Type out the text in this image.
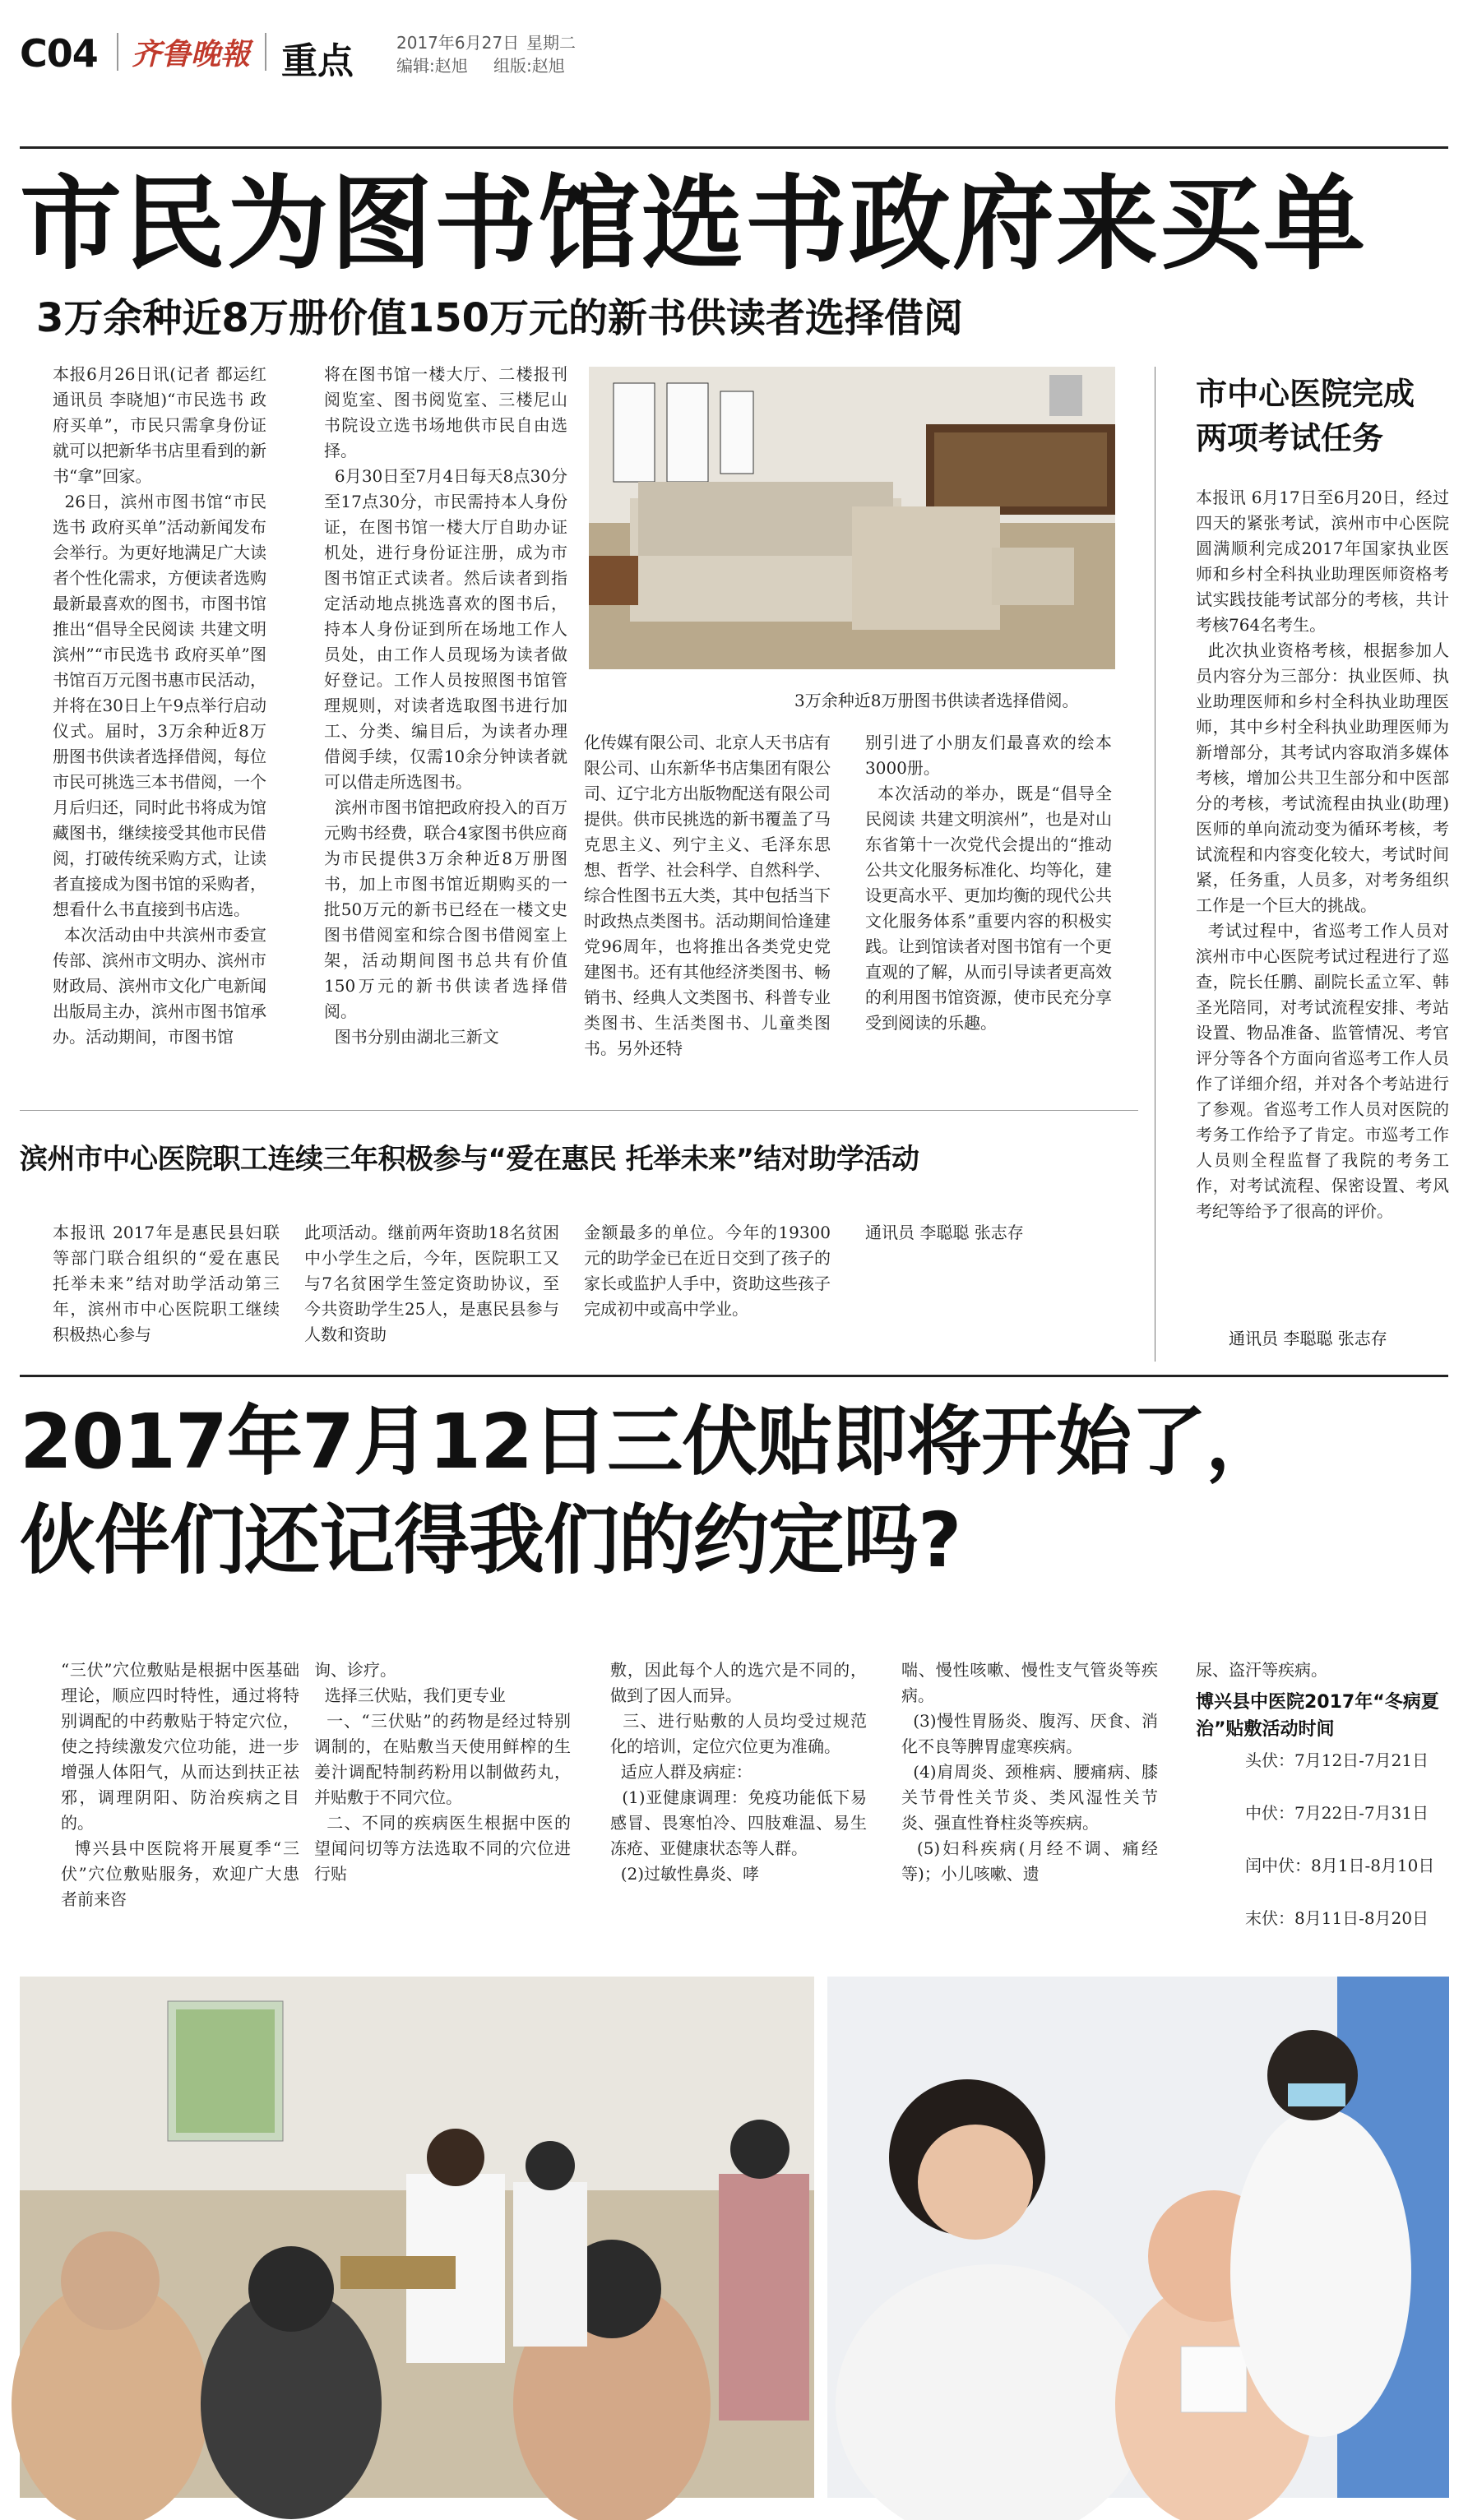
C04 齐鲁晚報 重点	2017年6月27日 星期二
编辑:赵旭 组版:赵旭
市民为图书馆选书政府来买单
3万余种近8万册价值150万元的新书供读者选择借阅
本报6月26日讯(记者 都运红 通讯员 李晓旭)“市民选书 政府买单”，市民只需拿身份证就可以把新华书店里看到的新书“拿”回家。
26日，滨州市图书馆“市民选书 政府买单”活动新闻发布会举行。为更好地满足广大读者个性化需求，方便读者选购最新最喜欢的图书，市图书馆推出“倡导全民阅读 共建文明滨州”“市民选书 政府买单”图书馆百万元图书惠市民活动，并将在30日上午9点举行启动仪式。届时，3万余种近8万册图书供读者选择借阅，每位市民可挑选三本书借阅，一个月后归还，同时此书将成为馆藏图书，继续接受其他市民借阅，打破传统采购方式，让读者直接成为图书馆的采购者，想看什么书直接到书店选。
本次活动由中共滨州市委宣传部、滨州市文明办、滨州市财政局、滨州市文化广电新闻出版局主办，滨州市图书馆承办。活动期间，市图书馆
将在图书馆一楼大厅、二楼报刊阅览室、图书阅览室、三楼尼山书院设立选书场地供市民自由选择。
6月30日至7月4日每天8点30分至17点30分，市民需持本人身份证，在图书馆一楼大厅自助办证机处，进行身份证注册，成为市图书馆正式读者。然后读者到指定活动地点挑选喜欢的图书后，持本人身份证到所在场地工作人员处，由工作人员现场为读者做好登记。工作人员按照图书馆管理规则，对读者选取图书进行加工、分类、编目后，为读者办理借阅手续，仅需10余分钟读者就可以借走所选图书。
滨州市图书馆把政府投入的百万元购书经费，联合4家图书供应商为市民提供3万余种近8万册图书，加上市图书馆近期购买的一批50万元的新书已经在一楼文史图书借阅室和综合图书借阅室上架，活动期间图书总共有价值150万元的新书供读者选择借阅。
图书分别由湖北三新文
3万余种近8万册图书供读者选择借阅。
化传媒有限公司、北京人天书店有限公司、山东新华书店集团有限公司、辽宁北方出版物配送有限公司提供。供市民挑选的新书覆盖了马克思主义、列宁主义、毛泽东思想、哲学、社会科学、自然科学、综合性图书五大类，其中包括当下时政热点类图书。活动期间恰逢建党96周年，也将推出各类党史党建图书。还有其他经济类图书、畅销书、经典人文类图书、科普专业类图书、生活类图书、儿童类图书。另外还特
别引进了小朋友们最喜欢的绘本3000册。
本次活动的举办，既是“倡导全民阅读 共建文明滨州”，也是对山东省第十一次党代会提出的“推动公共文化服务标准化、均等化，建设更高水平、更加均衡的现代公共文化服务体系”重要内容的积极实践。让到馆读者对图书馆有一个更直观的了解，从而引导读者更高效的利用图书馆资源，使市民充分享受到阅读的乐趣。
市中心医院完成两项考试任务
本报讯 6月17日至6月20日，经过四天的紧张考试，滨州市中心医院圆满顺利完成2017年国家执业医师和乡村全科执业助理医师资格考试实践技能考试部分的考核，共计考核764名考生。
此次执业资格考核，根据参加人员内容分为三部分：执业医师、执业助理医师和乡村全科执业助理医师，其中乡村全科执业助理医师为新增部分，其考试内容取消多媒体考核，增加公共卫生部分和中医部分的考核，考试流程由执业(助理)医师的单向流动变为循环考核，考试流程和内容变化较大，考试时间紧，任务重，人员多，对考务组织工作是一个巨大的挑战。
考试过程中，省巡考工作人员对滨州市中心医院考试过程进行了巡查，院长任鹏、副院长孟立军、韩圣光陪同，对考试流程安排、考站设置、物品准备、监管情况、考官评分等各个方面向省巡考工作人员作了详细介绍，并对各个考站进行了参观。省巡考工作人员对医院的考务工作给予了肯定。市巡考工作人员则全程监督了我院的考务工作，对考试流程、保密设置、考风考纪等给予了很高的评价。
通讯员 李聪聪 张志存
滨州市中心医院职工连续三年积极参与“爱在惠民 托举未来”结对助学活动
本报讯 2017年是惠民县妇联等部门联合组织的“爱在惠民 托举未来”结对助学活动第三年，滨州市中心医院职工继续积极热心参与
此项活动。继前两年资助18名贫困中小学生之后，今年，医院职工又与7名贫困学生签定资助协议，至今共资助学生25人，是惠民县参与人数和资助
金额最多的单位。今年的19300元的助学金已在近日交到了孩子的家长或监护人手中，资助这些孩子完成初中或高中学业。
通讯员 李聪聪 张志存
2017年7月12日三伏贴即将开始了，
伙伴们还记得我们的约定吗?
“三伏”穴位敷贴是根据中医基础理论，顺应四时特性，通过将特别调配的中药敷贴于特定穴位，使之持续激发穴位功能，进一步增强人体阳气，从而达到扶正祛邪，调理阴阳、防治疾病之目的。
博兴县中医院将开展夏季“三伏”穴位敷贴服务，欢迎广大患者前来咨
询、诊疗。
选择三伏贴，我们更专业
一、“三伏贴”的药物是经过特别调制的，在贴敷当天使用鲜榨的生姜汁调配特制药粉用以制做药丸，并贴敷于不同穴位。
二、不同的疾病医生根据中医的望闻问切等方法选取不同的穴位进行贴
敷，因此每个人的选穴是不同的，做到了因人而异。
三、进行贴敷的人员均受过规范化的培训，定位穴位更为准确。
适应人群及病症：
(1)亚健康调理：免疫功能低下易感冒、畏寒怕冷、四肢难温、易生冻疮、亚健康状态等人群。
(2)过敏性鼻炎、哮
喘、慢性咳嗽、慢性支气管炎等疾病。
(3)慢性胃肠炎、腹泻、厌食、消化不良等脾胃虚寒疾病。
(4)肩周炎、颈椎病、腰痛病、膝关节骨性关节炎、类风湿性关节炎、强直性脊柱炎等疾病。
(5)妇科疾病(月经不调、痛经等)；小儿咳嗽、遗
尿、盗汗等疾病。
博兴县中医院2017年“冬病夏治”贴敷活动时间
头伏：7月12日-7月21日
中伏：7月22日-7月31日
闰中伏：8月1日-8月10日
末伏：8月11日-8月20日
